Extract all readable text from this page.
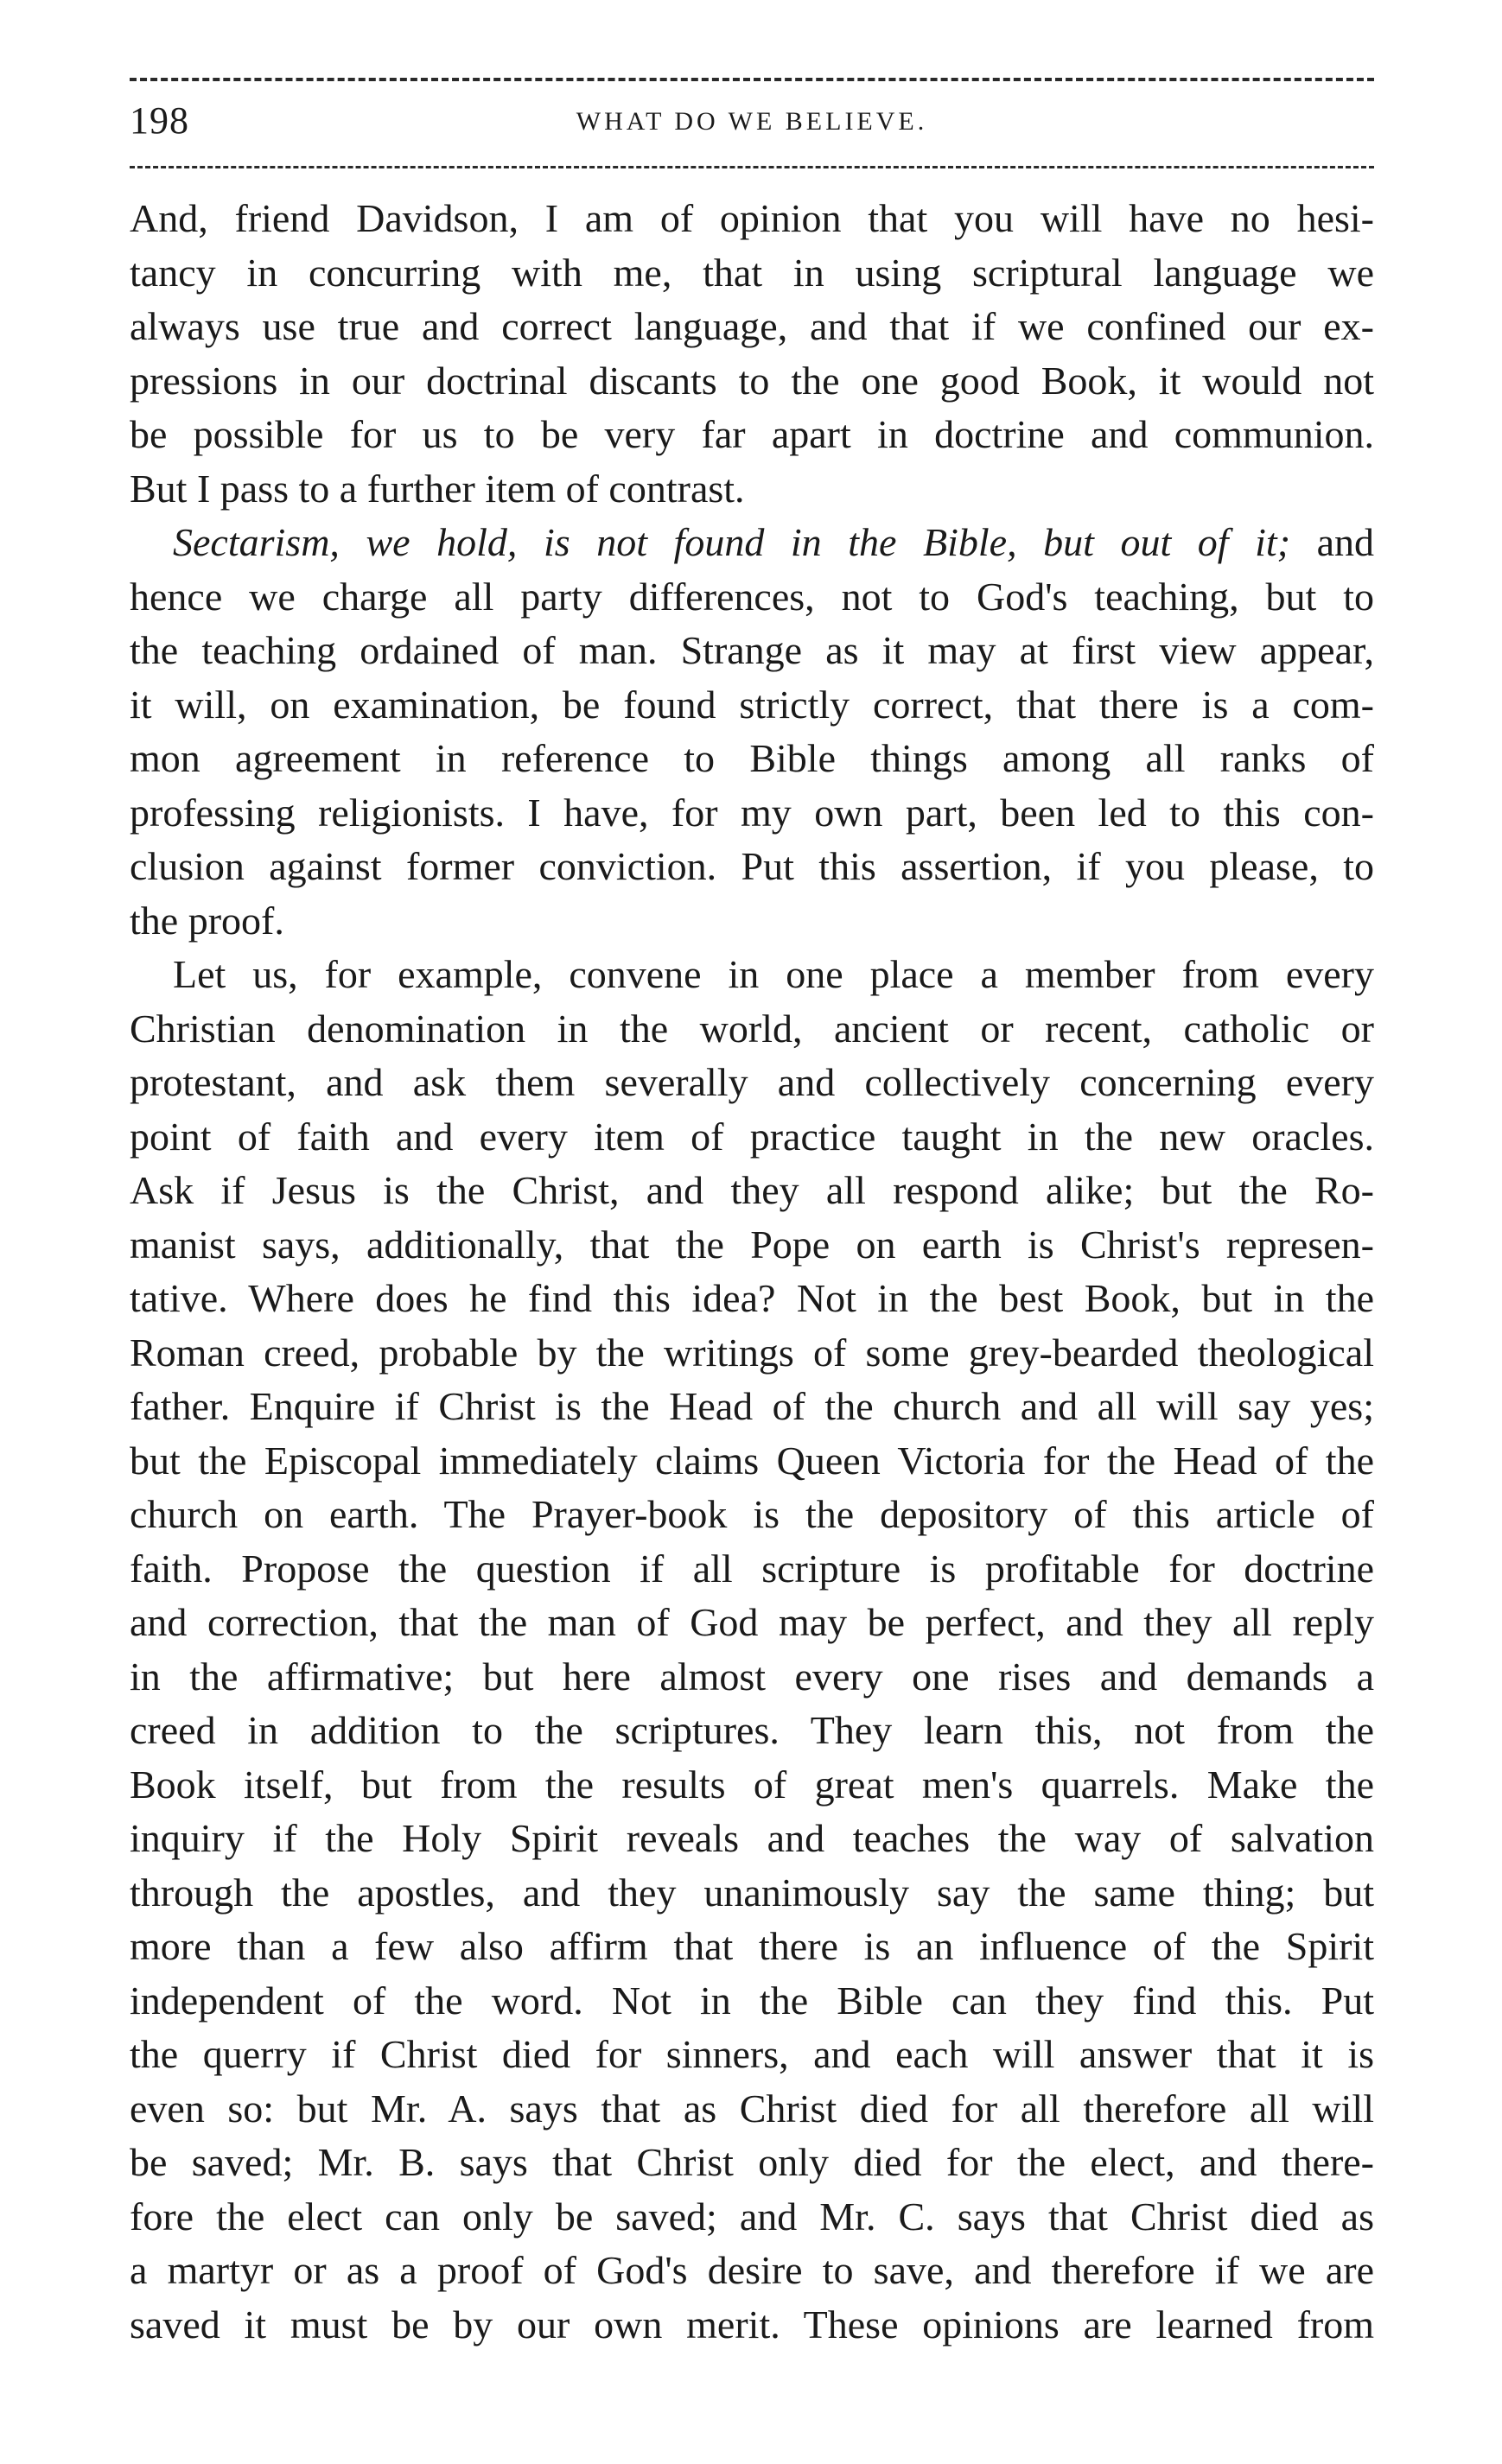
198	WHAT DO WE BELIEVE.
And, friend Davidson, I am of opinion that you will have no hesi-
tancy in concurring with me, that in using scriptural language we
always use true and correct language, and that if we confined our ex-
pressions in our doctrinal discants to the one good Book, it would not
be possible for us to be very far apart in doctrine and communion.
But I pass to a further item of contrast.
Sectarism, we hold, is not found in the Bible, but out of it; and
hence we charge all party differences, not to God's teaching, but to
the teaching ordained of man. Strange as it may at first view appear,
it will, on examination, be found strictly correct, that there is a com-
mon agreement in reference to Bible things among all ranks of
professing religionists. I have, for my own part, been led to this con-
clusion against former conviction. Put this assertion, if you please, to
the proof.
Let us, for example, convene in one place a member from every
Christian denomination in the world, ancient or recent, catholic or
protestant, and ask them severally and collectively concerning every
point of faith and every item of practice taught in the new oracles.
Ask if Jesus is the Christ, and they all respond alike; but the Ro-
manist says, additionally, that the Pope on earth is Christ's represen-
tative. Where does he find this idea? Not in the best Book, but in the
Roman creed, probable by the writings of some grey-bearded theological
father. Enquire if Christ is the Head of the church and all will say yes;
but the Episcopal immediately claims Queen Victoria for the Head of the
church on earth. The Prayer-book is the depository of this article of
faith. Propose the question if all scripture is profitable for doctrine
and correction, that the man of God may be perfect, and they all reply
in the affirmative; but here almost every one rises and demands a
creed in addition to the scriptures. They learn this, not from the
Book itself, but from the results of great men's quarrels. Make the
inquiry if the Holy Spirit reveals and teaches the way of salvation
through the apostles, and they unanimously say the same thing; but
more than a few also affirm that there is an influence of the Spirit
independent of the word. Not in the Bible can they find this. Put
the querry if Christ died for sinners, and each will answer that it is
even so: but Mr. A. says that as Christ died for all therefore all will
be saved; Mr. B. says that Christ only died for the elect, and there-
fore the elect can only be saved; and Mr. C. says that Christ died as
a martyr or as a proof of God's desire to save, and therefore if we are
saved it must be by our own merit. These opinions are learned from
